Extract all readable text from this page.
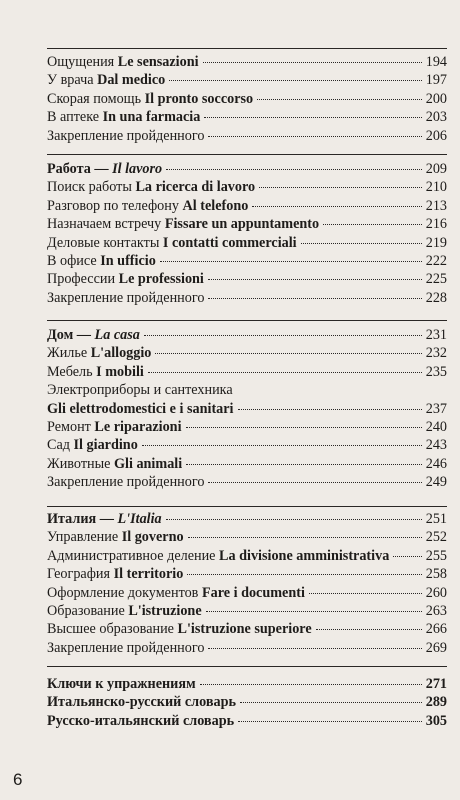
Ощущения Le sensazioni	194
У врача Dal medico	197
Скорая помощь Il pronto soccorso	200
В аптеке In una farmacia	203
Закрепление пройденного	206
Работа — Il lavoro	209
Поиск работы La ricerca di lavoro	210
Разговор по телефону Al telefono	213
Назначаем встречу Fissare un appuntamento	216
Деловые контакты I contatti commerciali	219
В офисе In ufficio	222
Профессии Le professioni	225
Закрепление пройденного	228
Дом — La casa	231
Жилье L'alloggio	232
Мебель I mobili	235
Электроприборы и сантехника
Gli elettrodomestici e i sanitari	237
Ремонт Le riparazioni	240
Сад Il giardino	243
Животные Gli animali	246
Закрепление пройденного	249
Италия — L'Italia	251
Управление Il governo	252
Административное деление La divisione amministrativa	255
География Il territorio	258
Оформление документов Fare i documenti	260
Образование L'istruzione	263
Высшее образование L'istruzione superiore	266
Закрепление пройденного	269
Ключи к упражнениям	271
Итальянско-русский словарь	289
Русско-итальянский словарь	305
6
